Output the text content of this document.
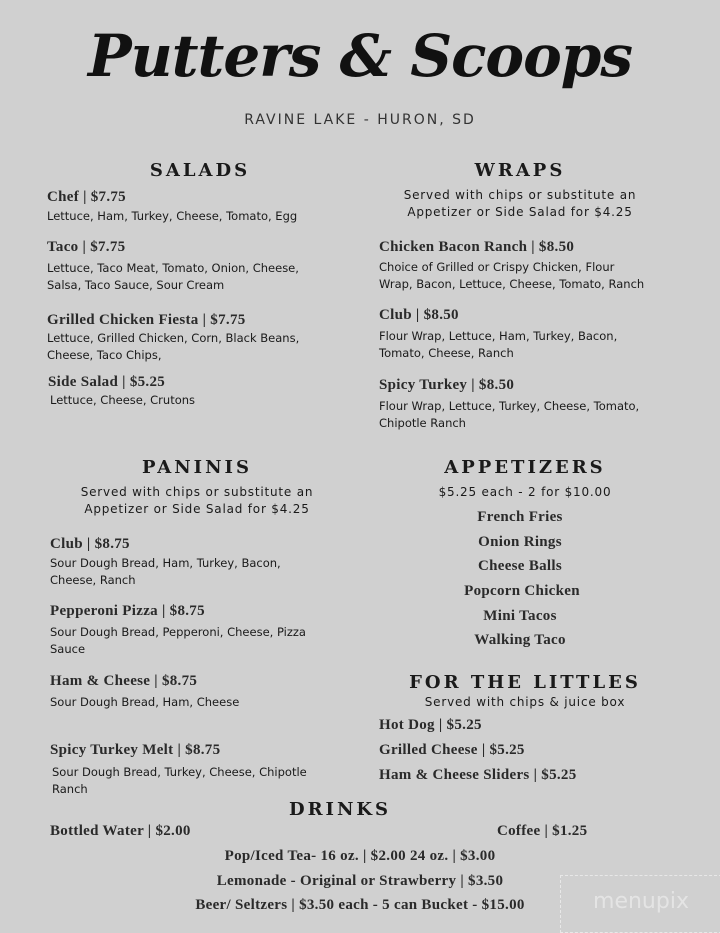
Putters & Scoops
RAVINE LAKE - HURON, SD
SALADS
Chef | $7.75
Lettuce, Ham, Turkey, Cheese, Tomato, Egg
Taco | $7.75
Lettuce, Taco Meat, Tomato, Onion, Cheese,
Salsa, Taco Sauce, Sour Cream
Grilled Chicken Fiesta | $7.75
Lettuce, Grilled Chicken, Corn, Black Beans,
Cheese, Taco Chips,
Side Salad | $5.25
Lettuce, Cheese, Crutons
WRAPS
Served with chips or substitute an
Appetizer or Side Salad for $4.25
Chicken Bacon Ranch | $8.50
Choice of Grilled or Crispy Chicken, Flour
Wrap, Bacon, Lettuce, Cheese, Tomato, Ranch
Club | $8.50
Flour Wrap, Lettuce, Ham, Turkey, Bacon,
Tomato, Cheese, Ranch
Spicy Turkey | $8.50
Flour Wrap, Lettuce, Turkey, Cheese, Tomato,
Chipotle Ranch
PANINIS
Served with chips or substitute an
Appetizer or Side Salad for $4.25
Club | $8.75
Sour Dough Bread, Ham, Turkey, Bacon,
Cheese, Ranch
Pepperoni Pizza | $8.75
Sour Dough Bread, Pepperoni, Cheese, Pizza
Sauce
Ham & Cheese | $8.75
Sour Dough Bread, Ham, Cheese
Spicy Turkey Melt | $8.75
Sour Dough Bread, Turkey, Cheese, Chipotle
Ranch
APPETIZERS
$5.25 each - 2 for $10.00
French Fries
Onion Rings
Cheese Balls
Popcorn Chicken
Mini Tacos
Walking Taco
FOR THE LITTLES
Served with chips & juice box
Hot Dog | $5.25
Grilled Cheese | $5.25
Ham & Cheese Sliders | $5.25
DRINKS
Bottled Water | $2.00	Coffee | $1.25
Pop/Iced Tea- 16 oz. | $2.00 24 oz. | $3.00
Lemonade - Original or Strawberry | $3.50
Beer/ Seltzers | $3.50 each - 5 can Bucket - $15.00	menupix
